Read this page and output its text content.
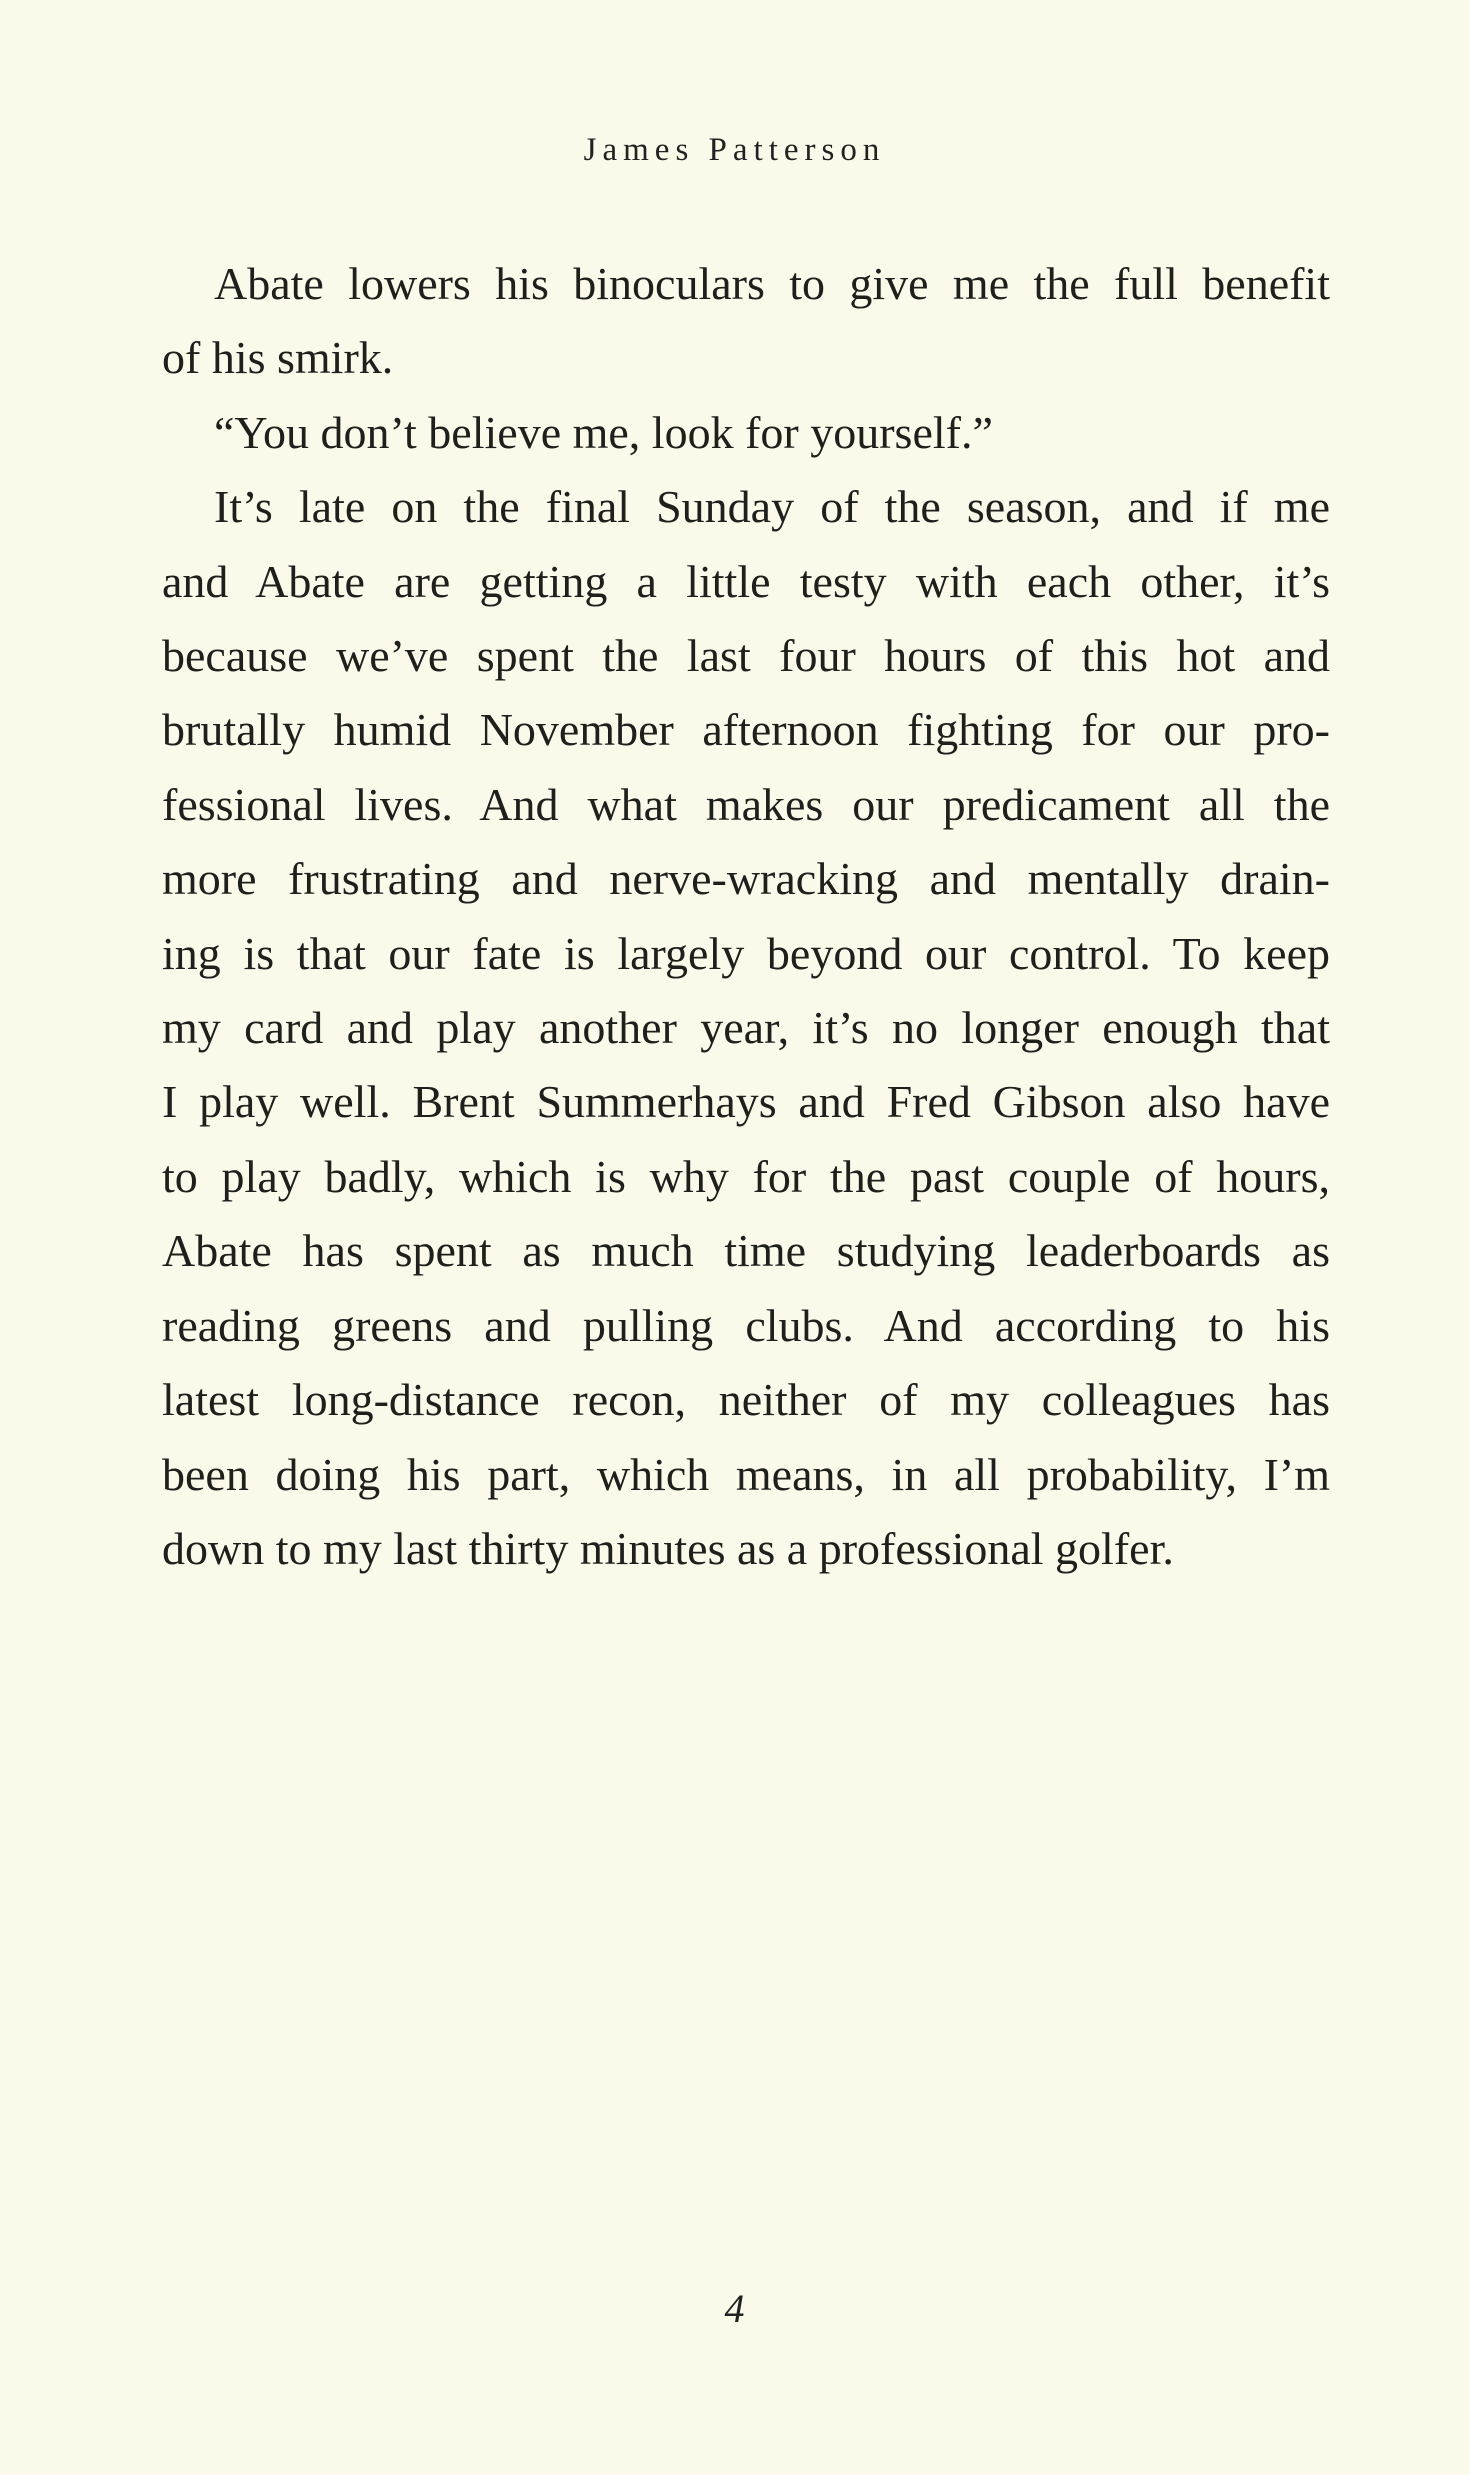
James Patterson
Abate lowers his binoculars to give me the full benefit
of his smirk.
“You don’t believe me, look for yourself.”
It’s late on the final Sunday of the season, and if me
and Abate are getting a little testy with each other, it’s
because we’ve spent the last four hours of this hot and
brutally humid November afternoon fighting for our pro-
fessional lives. And what makes our predicament all the
more frustrating and nerve-wracking and mentally drain-
ing is that our fate is largely beyond our control. To keep
my card and play another year, it’s no longer enough that
I play well. Brent Summerhays and Fred Gibson also have
to play badly, which is why for the past couple of hours,
Abate has spent as much time studying leaderboards as
reading greens and pulling clubs. And according to his
latest long-distance recon, neither of my colleagues has
been doing his part, which means, in all probability, I’m
down to my last thirty minutes as a professional golfer.
4
